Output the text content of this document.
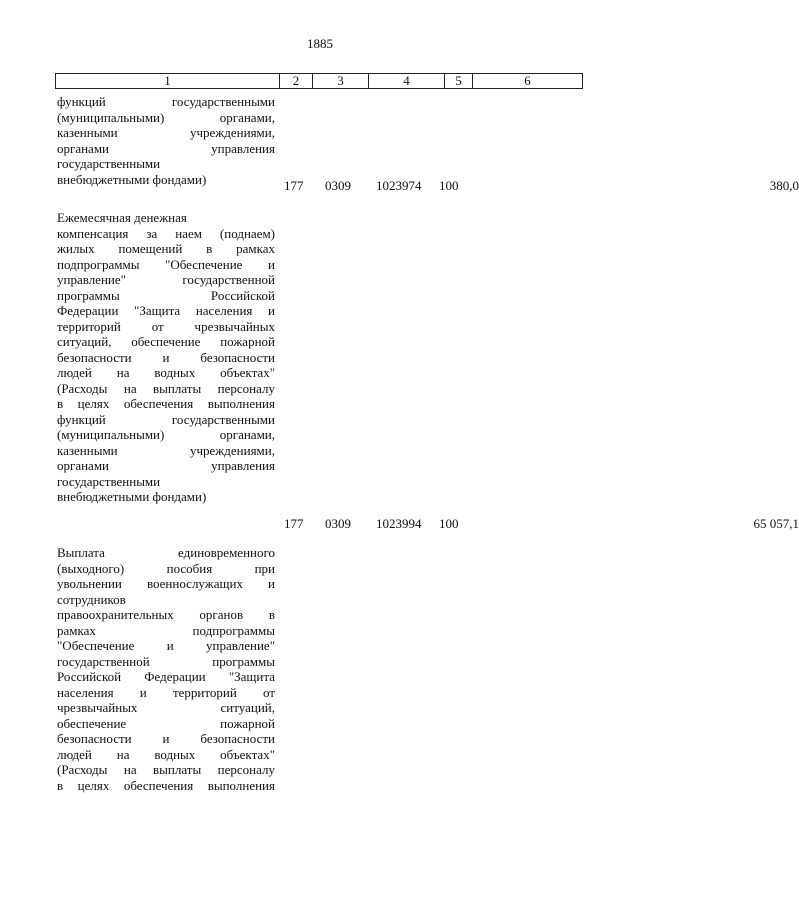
1885
1	2	3	4	5	6
функций государственными
(муниципальными) органами,
казенными учреждениями,
органами управления
государственными
внебюджетными фондами)	177 0309 1023974 100	380,0
Ежемесячная денежная
компенсация за наем (поднаем)
жилых помещений в рамках
подпрограммы "Обеспечение и
управление" государственной
программы Российской
Федерации "Защита населения и
территорий от чрезвычайных
ситуаций, обеспечение пожарной
безопасности и безопасности
людей на водных объектах"
(Расходы на выплаты персоналу
в целях обеспечения выполнения
функций государственными
(муниципальными) органами,
казенными учреждениями,
органами управления
государственными
внебюджетными фондами)
177 0309 1023994 100	65 057,1
Выплата единовременного
(выходного) пособия при
увольнении военнослужащих и
сотрудников
правоохранительных органов в
рамках подпрограммы
"Обеспечение и управление"
государственной программы
Российской Федерации "Защита
населения и территорий от
чрезвычайных ситуаций,
обеспечение пожарной
безопасности и безопасности
людей на водных объектах"
(Расходы на выплаты персоналу
в целях обеспечения выполнения
